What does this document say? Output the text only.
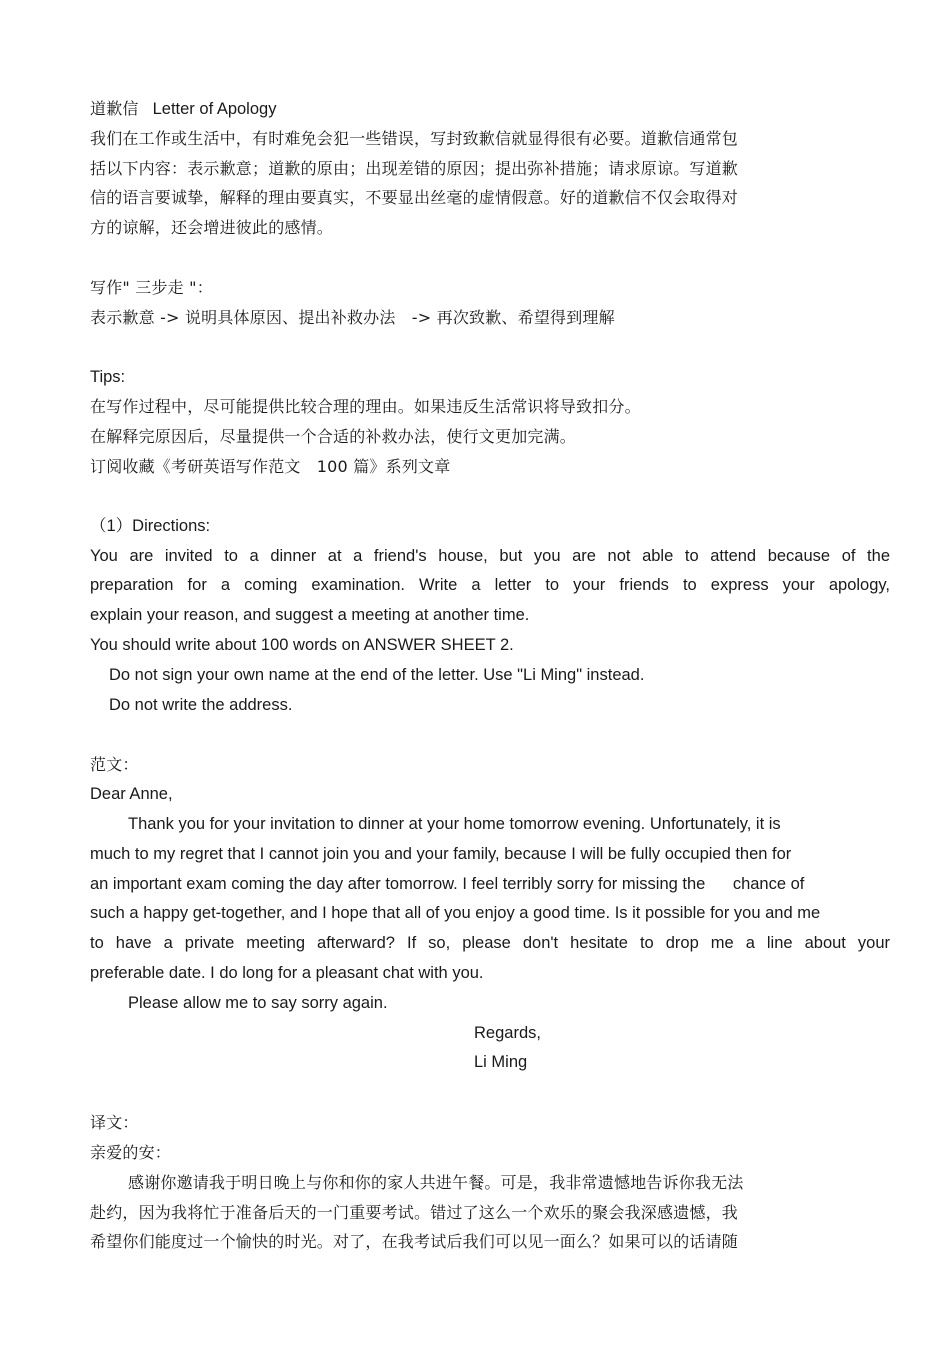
道歉信 Letter of Apology
我们在工作或生活中，有时难免会犯一些错误，写封致歉信就显得很有必要。道歉信通常包
括以下内容：表示歉意；道歉的原由；出现差错的原因；提出弥补措施；请求原谅。写道歉
信的语言要诚挚，解释的理由要真实，不要显出丝毫的虚情假意。好的道歉信不仅会取得对
方的谅解，还会增进彼此的感情。
写作" 三步走 "：
表示歉意 -> 说明具体原因、提出补救办法　-> 再次致歉、希望得到理解
Tips:
在写作过程中，尽可能提供比较合理的理由。如果违反生活常识将导致扣分。
在解释完原因后，尽量提供一个合适的补救办法，使行文更加完满。
订阅收藏《考研英语写作范文　100 篇》系列文章
（1）Directions:
You are invited to a dinner at a friend's house, but you are not able to attend because of the
preparation for a coming examination. Write a letter to your friends to express your apology,
explain your reason, and suggest a meeting at another time.
You should write about 100 words on ANSWER SHEET 2.
Do not sign your own name at the end of the letter. Use "Li Ming" instead.
Do not write the address.
范文：
Dear Anne,
Thank you for your invitation to dinner at your home tomorrow evening. Unfortunately, it is
much to my regret that I cannot join you and your family, because I will be fully occupied then for
an important exam coming the day after tomorrow. I feel terribly sorry for missing the      chance of
such a happy get-together, and I hope that all of you enjoy a good time. Is it possible for you and me
to have a private meeting afterward? If so, please don't hesitate to drop me a line about your
preferable date. I do long for a pleasant chat with you.
Please allow me to say sorry again.
Regards,
Li Ming
译文：
亲爱的安：
感谢你邀请我于明日晚上与你和你的家人共进午餐。可是，我非常遗憾地告诉你我无法
赴约，因为我将忙于准备后天的一门重要考试。错过了这么一个欢乐的聚会我深感遗憾，我
希望你们能度过一个愉快的时光。对了，在我考试后我们可以见一面么？如果可以的话请随
